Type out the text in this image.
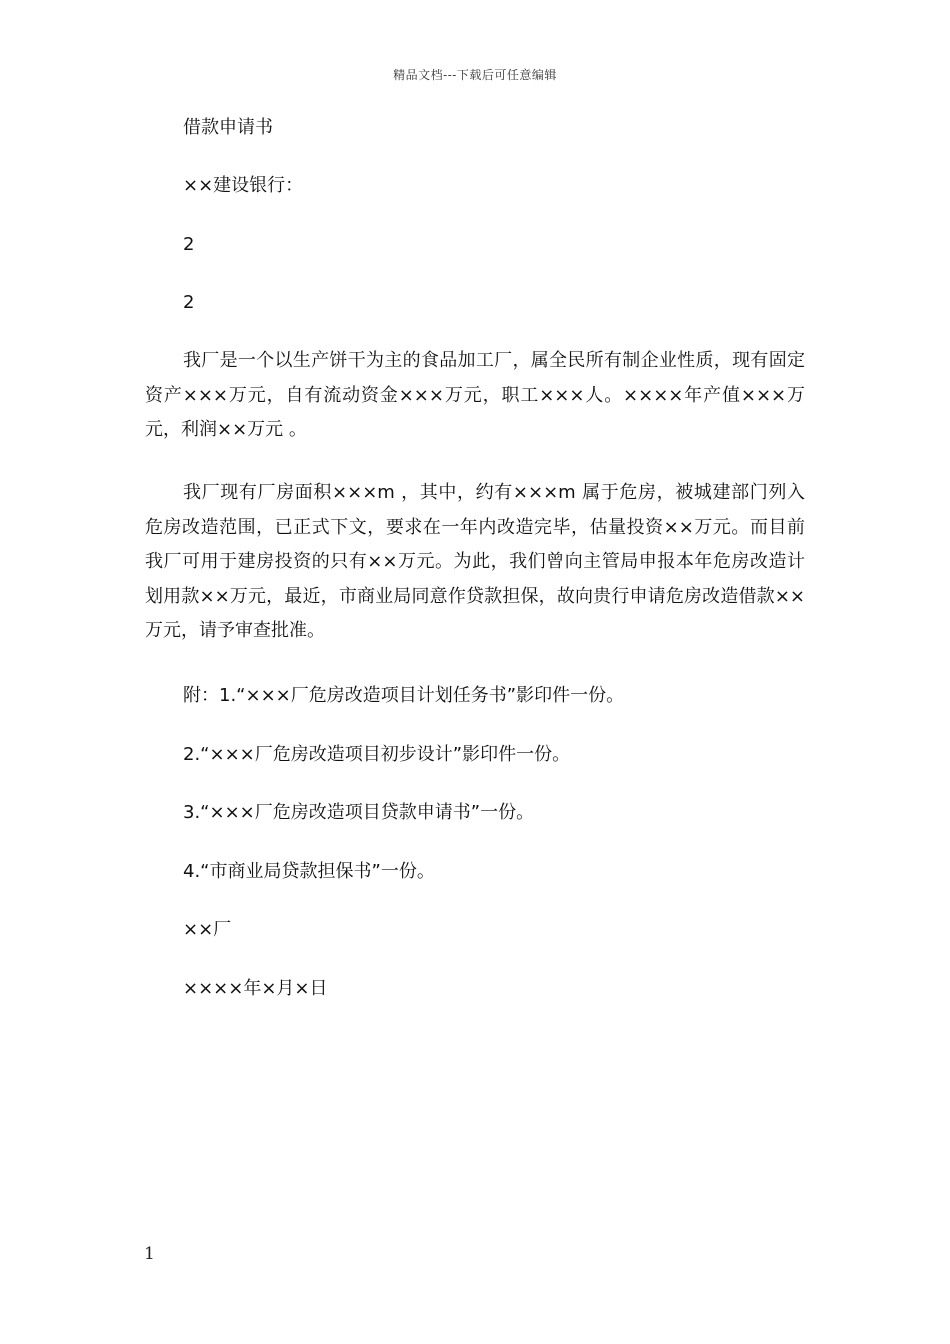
精品文档---下载后可任意编辑
借款申请书
××建设银行：
2
2

我厂是一个以生产饼干为主的食品加工厂，属全民所有制企业性质，现有固定资产×××万元，自有流动资金×××万元，职工×××人。××××年产值×××万元，利润××万元 。

我厂现有厂房面积×××m ，其中，约有×××m 属于危房，被城建部门列入危房改造范围，已正式下文，要求在一年内改造完毕，估量投资××万元。而目前我厂可用于建房投资的只有××万元。为此，我们曾向主管局申报本年危房改造计划用款××万元，最近，市商业局同意作贷款担保，故向贵行申请危房改造借款××万元，请予审查批准。

附：1.“×××厂危房改造项目计划任务书”影印件一份。
2.“×××厂危房改造项目初步设计”影印件一份。
3.“×××厂危房改造项目贷款申请书”一份。
4.“市商业局贷款担保书”一份。
××厂
××××年×月×日
1
